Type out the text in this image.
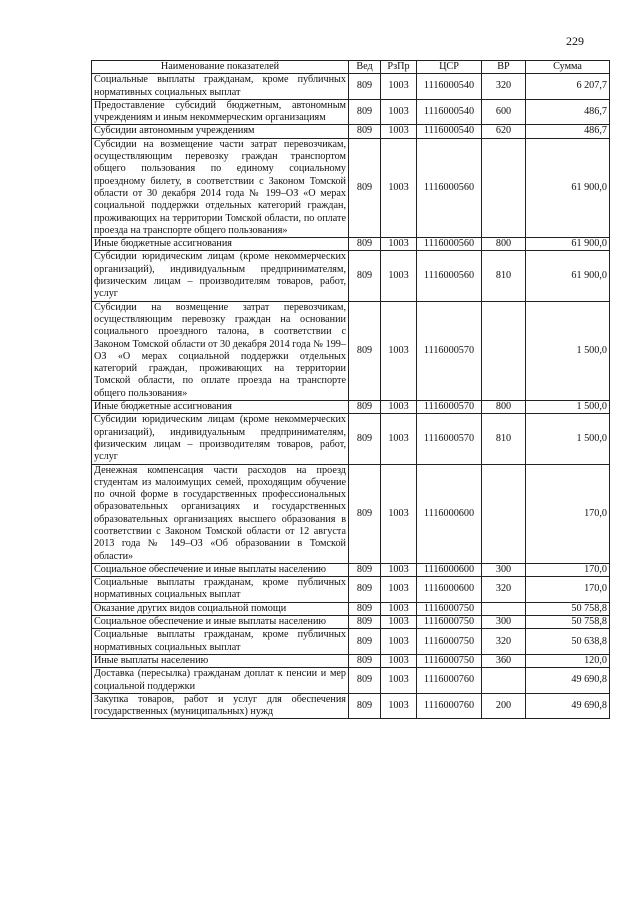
229
Наименование показателей	Вед	РзПр	ЦСР	ВР	Сумма
Социальные выплаты гражданам, кроме публичных нормативных социальных выплат	809	1003	1116000540	320	6 207,7
Предоставление субсидий бюджетным, автономным учреждениям и иным некоммерческим организациям	809	1003	1116000540	600	486,7
Субсидии автономным учреждениям	809	1003	1116000540	620	486,7
Субсидии на возмещение части затрат перевозчикам, осуществляющим перевозку граждан транспортом общего пользования по единому социальному проездному билету, в соответствии с Законом Томской области от 30 декабря 2014 года № 199–ОЗ «О мерах социальной поддержки отдельных категорий граждан, проживающих на территории Томской области, по оплате проезда на транспорте общего пользования»	809	1003	1116000560		61 900,0
Иные бюджетные ассигнования	809	1003	1116000560	800	61 900,0
Субсидии юридическим лицам (кроме некоммерческих организаций), индивидуальным предпринимателям, физическим лицам – производителям товаров, работ, услуг	809	1003	1116000560	810	61 900,0
Субсидии на возмещение затрат перевозчикам, осуществляющим перевозку граждан на основании социального проездного талона, в соответствии с Законом Томской области от 30 декабря 2014 года № 199–ОЗ «О мерах социальной поддержки отдельных категорий граждан, проживающих на территории Томской области, по оплате проезда на транспорте общего пользования»	809	1003	1116000570		1 500,0
Иные бюджетные ассигнования	809	1003	1116000570	800	1 500,0
Субсидии юридическим лицам (кроме некоммерческих организаций), индивидуальным предпринимателям, физическим лицам – производителям товаров, работ, услуг	809	1003	1116000570	810	1 500,0
Денежная компенсация части расходов на проезд студентам из малоимущих семей, проходящим обучение по очной форме в государственных профессиональных образовательных организациях и государственных образовательных организациях высшего образования в соответствии с Законом Томской области от 12 августа 2013 года № 149–ОЗ «Об образовании в Томской области»	809	1003	1116000600		170,0
Социальное обеспечение и иные выплаты населению	809	1003	1116000600	300	170,0
Социальные выплаты гражданам, кроме публичных нормативных социальных выплат	809	1003	1116000600	320	170,0
Оказание других видов социальной помощи	809	1003	1116000750		50 758,8
Социальное обеспечение и иные выплаты населению	809	1003	1116000750	300	50 758,8
Социальные выплаты гражданам, кроме публичных нормативных социальных выплат	809	1003	1116000750	320	50 638,8
Иные выплаты населению	809	1003	1116000750	360	120,0
Доставка (пересылка) гражданам доплат к пенсии и мер социальной поддержки	809	1003	1116000760		49 690,8
Закупка товаров, работ и услуг для обеспечения государственных (муниципальных) нужд	809	1003	1116000760	200	49 690,8
